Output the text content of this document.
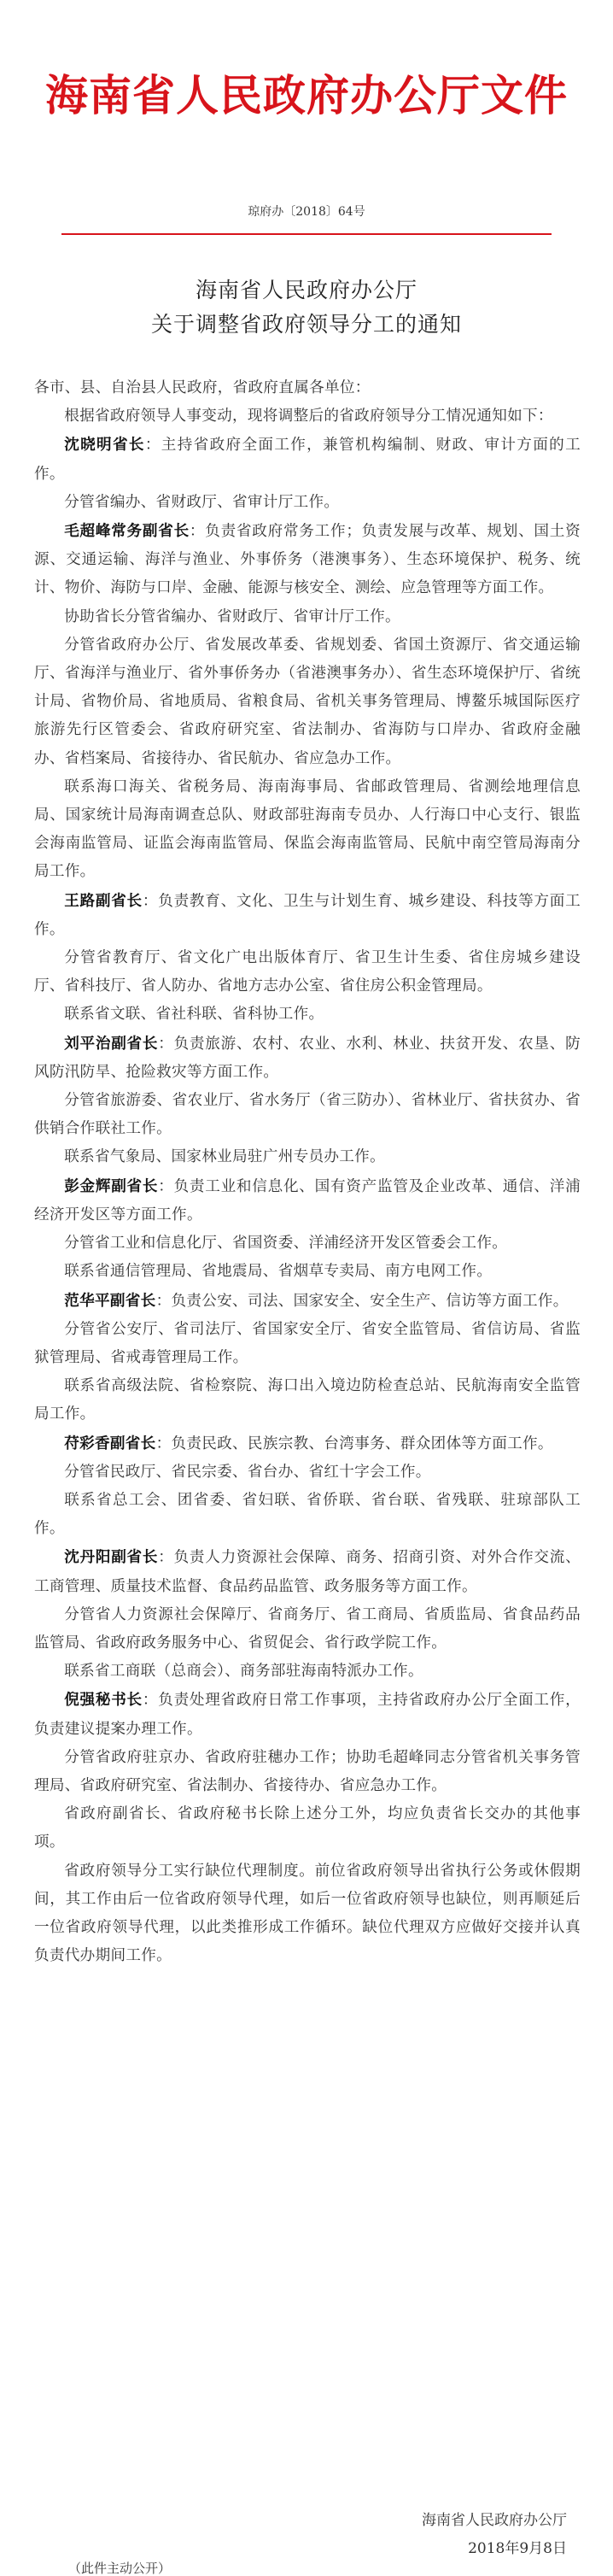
海南省人民政府办公厅文件
琼府办〔2018〕64号
海南省人民政府办公厅
关于调整省政府领导分工的通知

各市、县、自治县人民政府，省政府直属各单位：

根据省政府领导人事变动，现将调整后的省政府领导分工情况通知如下：

沈晓明省长：主持省政府全面工作，兼管机构编制、财政、审计方面的工作。

分管省编办、省财政厅、省审计厅工作。

毛超峰常务副省长：负责省政府常务工作；负责发展与改革、规划、国土资源、交通运输、海洋与渔业、外事侨务（港澳事务）、生态环境保护、税务、统计、物价、海防与口岸、金融、能源与核安全、测绘、应急管理等方面工作。

协助省长分管省编办、省财政厅、省审计厅工作。

分管省政府办公厅、省发展改革委、省规划委、省国土资源厅、省交通运输厅、省海洋与渔业厅、省外事侨务办（省港澳事务办）、省生态环境保护厅、省统计局、省物价局、省地质局、省粮食局、省机关事务管理局、博鳌乐城国际医疗旅游先行区管委会、省政府研究室、省法制办、省海防与口岸办、省政府金融办、省档案局、省接待办、省民航办、省应急办工作。

联系海口海关、省税务局、海南海事局、省邮政管理局、省测绘地理信息局、国家统计局海南调查总队、财政部驻海南专员办、人行海口中心支行、银监会海南监管局、证监会海南监管局、保监会海南监管局、民航中南空管局海南分局工作。

王路副省长：负责教育、文化、卫生与计划生育、城乡建设、科技等方面工作。

分管省教育厅、省文化广电出版体育厅、省卫生计生委、省住房城乡建设厅、省科技厅、省人防办、省地方志办公室、省住房公积金管理局。

联系省文联、省社科联、省科协工作。

刘平治副省长：负责旅游、农村、农业、水利、林业、扶贫开发、农垦、防风防汛防旱、抢险救灾等方面工作。

分管省旅游委、省农业厅、省水务厅（省三防办）、省林业厅、省扶贫办、省供销合作联社工作。

联系省气象局、国家林业局驻广州专员办工作。

彭金辉副省长：负责工业和信息化、国有资产监管及企业改革、通信、洋浦经济开发区等方面工作。

分管省工业和信息化厅、省国资委、洋浦经济开发区管委会工作。

联系省通信管理局、省地震局、省烟草专卖局、南方电网工作。

范华平副省长：负责公安、司法、国家安全、安全生产、信访等方面工作。

分管省公安厅、省司法厅、省国家安全厅、省安全监管局、省信访局、省监狱管理局、省戒毒管理局工作。

联系省高级法院、省检察院、海口出入境边防检查总站、民航海南安全监管局工作。

苻彩香副省长：负责民政、民族宗教、台湾事务、群众团体等方面工作。

分管省民政厅、省民宗委、省台办、省红十字会工作。

联系省总工会、团省委、省妇联、省侨联、省台联、省残联、驻琼部队工作。

沈丹阳副省长：负责人力资源社会保障、商务、招商引资、对外合作交流、工商管理、质量技术监督、食品药品监管、政务服务等方面工作。

分管省人力资源社会保障厅、省商务厅、省工商局、省质监局、省食品药品监管局、省政府政务服务中心、省贸促会、省行政学院工作。

联系省工商联（总商会）、商务部驻海南特派办工作。

倪强秘书长：负责处理省政府日常工作事项，主持省政府办公厅全面工作，负责建议提案办理工作。

分管省政府驻京办、省政府驻穗办工作；协助毛超峰同志分管省机关事务管理局、省政府研究室、省法制办、省接待办、省应急办工作。

省政府副省长、省政府秘书长除上述分工外，均应负责省长交办的其他事项。

省政府领导分工实行缺位代理制度。前位省政府领导出省执行公务或休假期间，其工作由后一位省政府领导代理，如后一位省政府领导也缺位，则再顺延后一位省政府领导代理，以此类推形成工作循环。缺位代理双方应做好交接并认真负责代办期间工作。

海南省人民政府办公厅
2018年9月8日
（此件主动公开）
